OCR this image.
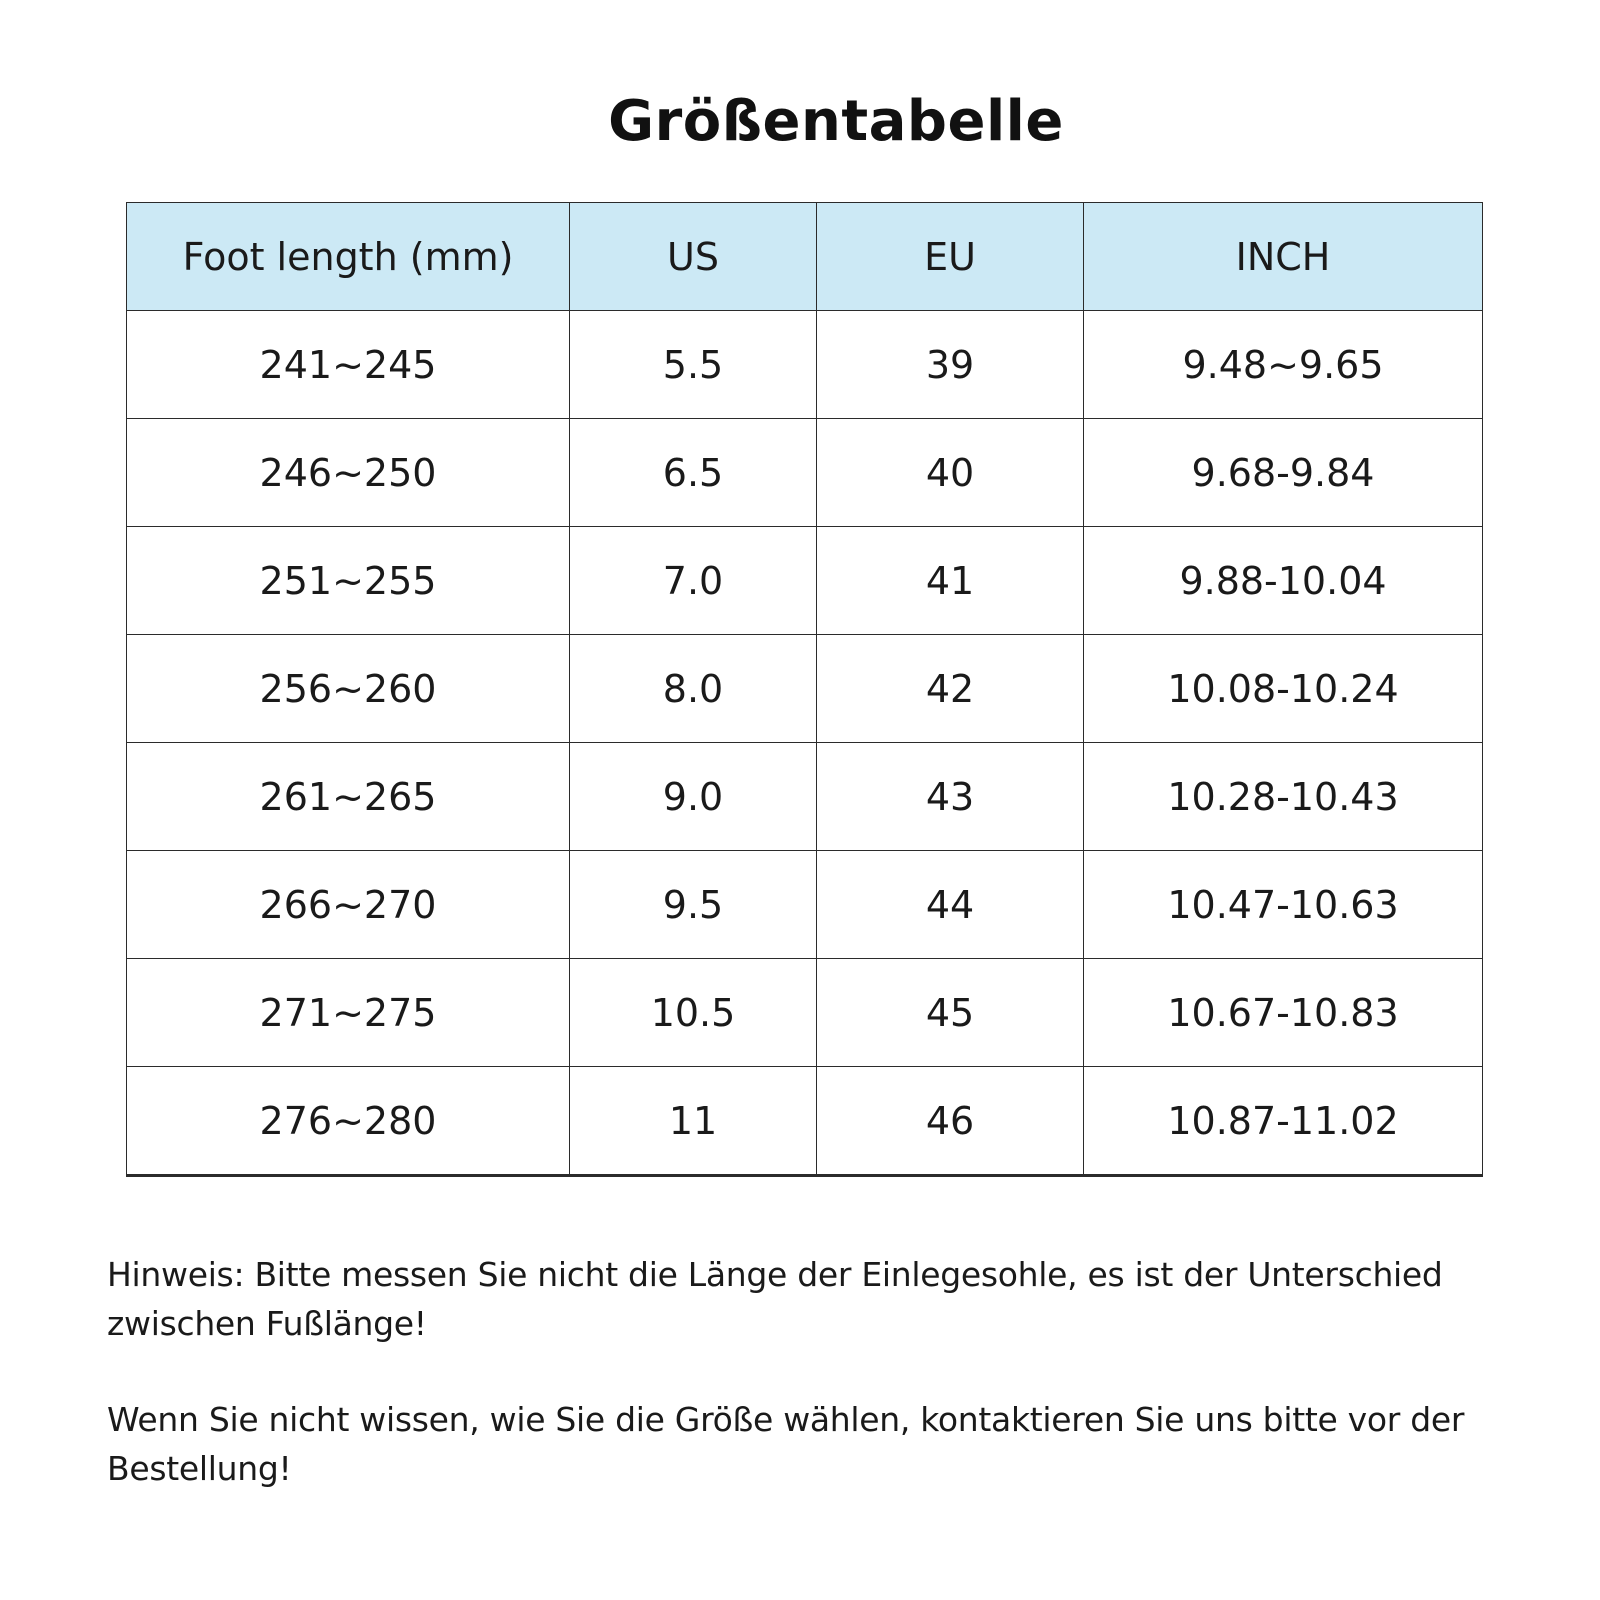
Größentabelle
Foot length (mm)	US	EU	INCH
241~245	5.5	39	9.48~9.65
246~250	6.5	40	9.68-9.84
251~255	7.0	41	9.88-10.04
256~260	8.0	42	10.08-10.24
261~265	9.0	43	10.28-10.43
266~270	9.5	44	10.47-10.63
271~275	10.5	45	10.67-10.83
276~280	11	46	10.87-11.02
Hinweis: Bitte messen Sie nicht die Länge der Einlegesohle, es ist der Unterschied zwischen Fußlänge!
Wenn Sie nicht wissen, wie Sie die Größe wählen, kontaktieren Sie uns bitte vor der Bestellung!
